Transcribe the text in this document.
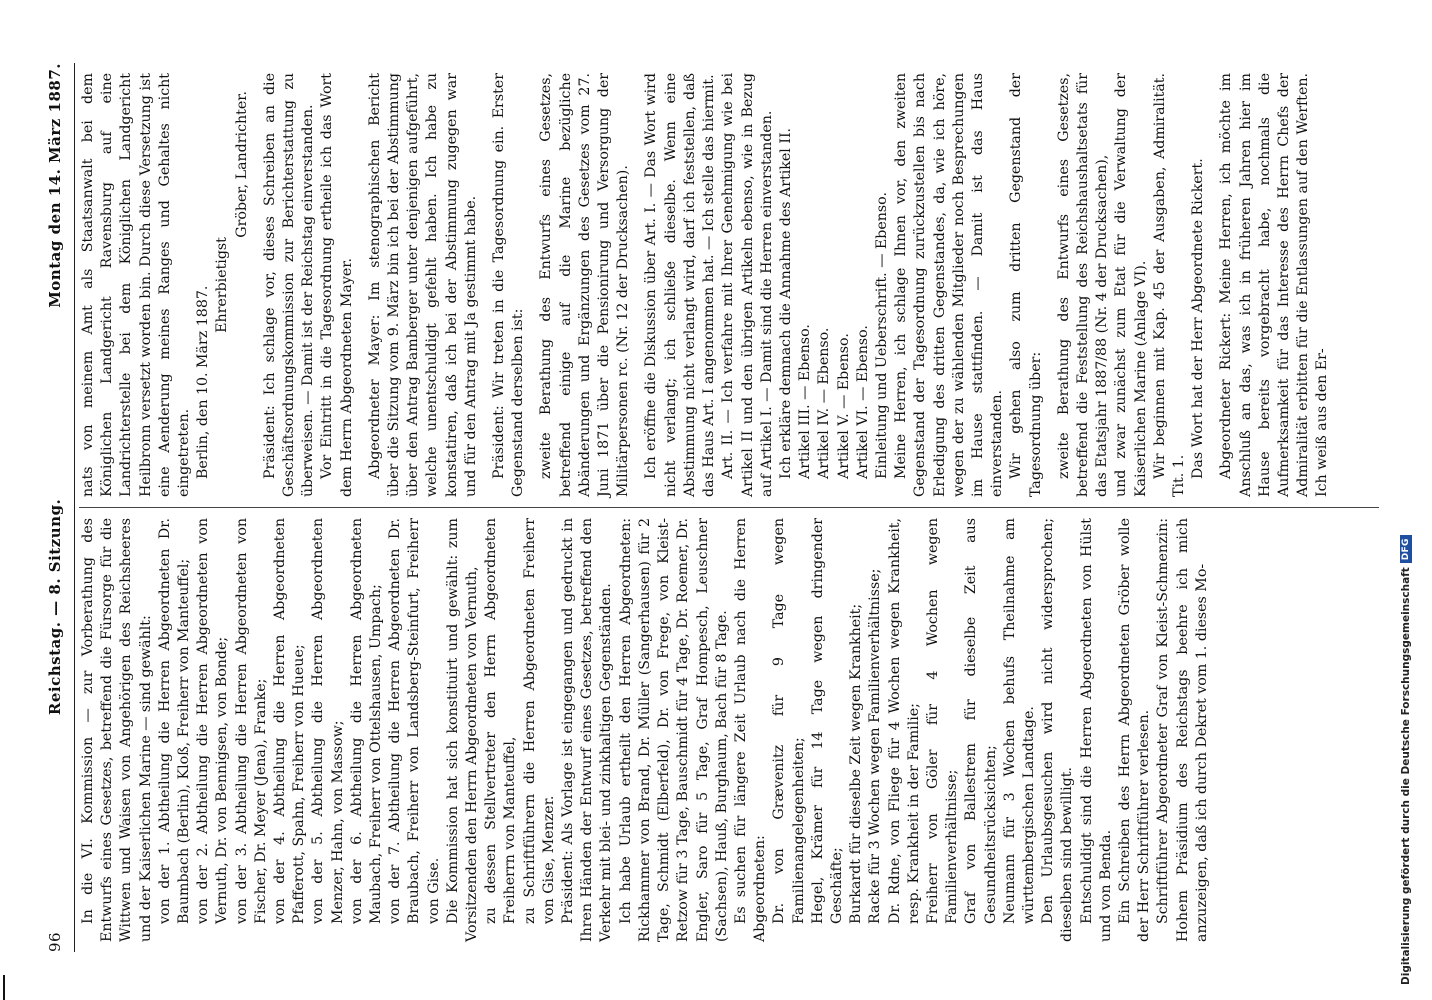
96
Reichstag. — 8. Sitzung.
Montag den 14. März 1887.

In die VI. Kommission — zur Vorberathung des Entwurfs eines Gesetzes, betreffend die Fürsorge für die Wittwen und Waisen von Angehörigen des Reichsheeres und der Kaiserlichen Marine — sind gewählt: von der 1. Abtheilung die Herren Abgeordneten Dr. Baumbach (Berlin), Kloß, Freiherr von Manteuffel; von der 2. Abtheilung die Herren Abgeordneten von Vernuth, Dr. von Bennigsen, von Bonde; von der 3. Abtheilung die Herren Abgeordneten von Fischer, Dr. Meyer (Jena), Franke; von der 4. Abtheilung die Herren Abgeordneten Pfafferott, Spahn, Freiherr von Hueue; von der 5. Abtheilung die Herren Abgeordneten Menzer, Hahn, von Massow; von der 6. Abtheilung die Herren Abgeordneten Maubach, Freiherr von Ottelshausen, Umpach; von der 7. Abtheilung die Herren Abgeordneten Dr. Braubach, Freiherr von Landsberg-Steinfurt, Freiherr von Gise. Die Kommission hat sich konstituirt und gewählt: zum Vorsitzenden den Herrn Abgeordneten von Vernuth, zu dessen Stellvertreter den Herrn Abgeordneten Freiherrn von Manteuffel, zu Schriftführern die Herren Abgeordneten Freiherr von Gise, Menzer. Präsident: Als Vorlage ist eingegangen und gedruckt in Ihren Händen der Entwurf eines Gesetzes, betreffend den Verkehr mit blei- und zinkhaltigen Gegenständen. Ich habe Urlaub ertheilt den Herren Abgeordneten: Rickhammer von Brand, Dr. Müller (Sangerhausen) für 2 Tage, Schmidt (Elberfeld), Dr. von Frege, von Kleist-Retzow für 3 Tage, Bauschmidt für 4 Tage, Dr. Roemer, Dr. Engler, Saro für 5 Tage, Graf Hompesch, Leuschner (Sachsen), Hauß, Burghaum, Bach für 8 Tage. Es suchen für längere Zeit Urlaub nach die Herren Abgeordneten: Dr. von Grævenitz für 9 Tage wegen Familienangelegenheiten; Hegel, Krämer für 14 Tage wegen dringender Geschäfte; Burkardt für dieselbe Zeit wegen Krankheit; Racke für 3 Wochen wegen Familienverhältnisse; Dr. Rdne, von Fliege für 4 Wochen wegen Krankheit, resp. Krankheit in der Familie; Freiherr von Göler für 4 Wochen wegen Familienverhältnisse; Graf von Ballestrem für dieselbe Zeit aus Gesundheitsrücksichten; Neumann für 3 Wochen behufs Theilnahme am württembergischen Landtage. Den Urlaubsgesuchen wird nicht widersprochen; dieselben sind bewilligt. Entschuldigt sind die Herren Abgeordneten von Hülst und von Benda. Ein Schreiben des Herrn Abgeordneten Gröber wolle der Herr Schriftführer verlesen. Schriftführer Abgeordneter Graf von Kleist-Schmenzin: Hohem Präsidium des Reichstags beehre ich mich anzuzeigen, daß ich durch Dekret vom 1. dieses Mo-

nats von meinem Amt als Staatsanwalt bei dem Königlichen Landgericht Ravensburg auf eine Landrichterstelle bei dem Königlichen Landgericht Heilbronn versetzt worden bin. Durch diese Versetzung ist eine Aenderung meines Ranges und Gehaltes nicht eingetreten. Berlin, den 10. März 1887.

Ehrerbietigst

Gröber, Landrichter. Präsident: Ich schlage vor, dieses Schreiben an die Geschäftsordnungskommission zur Berichterstattung zu überweisen. — Damit ist der Reichstag einverstanden. Vor Eintritt in die Tagesordnung ertheile ich das Wort dem Herrn Abgeordneten Mayer. Abgeordneter Mayer: Im stenographischen Bericht über die Sitzung vom 9. März bin ich bei der Abstimmung über den Antrag Bamberger unter denjenigen aufgeführt, welche unentschuldigt gefehlt haben. Ich habe zu konstatiren, daß ich bei der Abstimmung zugegen war und für den Antrag mit Ja gestimmt habe. Präsident: Wir treten in die Tagesordnung ein. Erster Gegenstand derselben ist: zweite Berathung des Entwurfs eines Gesetzes, betreffend einige auf die Marine bezügliche Abänderungen und Ergänzungen des Gesetzes vom 27. Juni 1871 über die Pensionirung und Versorgung der Militärpersonen rc. (Nr. 12 der Drucksachen). Ich eröffne die Diskussion über Art. I. — Das Wort wird nicht verlangt; ich schließe dieselbe. Wenn eine Abstimmung nicht verlangt wird, darf ich feststellen, daß das Haus Art. I angenommen hat. — Ich stelle das hiermit. Art. II. — Ich verfahre mit Ihrer Genehmigung wie bei Artikel II und den übrigen Artikeln ebenso, wie in Bezug auf Artikel I. — Damit sind die Herren einverstanden. Ich erkläre demnach die Annahme des Artikel II. Artikel III. — Ebenso. Artikel IV. — Ebenso. Artikel V. — Ebenso. Artikel VI. — Ebenso. Einleitung und Ueberschrift. — Ebenso. Meine Herren, ich schlage Ihnen vor, den zweiten Gegenstand der Tagesordnung zurückzustellen bis nach Erledigung des dritten Gegenstandes, da, wie ich höre, wegen der zu wählenden Mitglieder noch Besprechungen im Hause stattfinden. — Damit ist das Haus einverstanden. Wir gehen also zum dritten Gegenstand der Tagesordnung über: zweite Berathung des Entwurfs eines Gesetzes, betreffend die Feststellung des Reichshaushaltsetats für das Etatsjahr 1887/88 (Nr. 4 der Drucksachen), und zwar zunächst zum Etat für die Verwaltung der Kaiserlichen Marine (Anlage VI). Wir beginnen mit Kap. 45 der Ausgaben, Admiralität. Tit. 1. Das Wort hat der Herr Abgeordnete Rickert. Abgeordneter Rickert: Meine Herren, ich möchte im Anschluß an das, was ich in früheren Jahren hier im Hause bereits vorgebracht habe, nochmals die Aufmerksamkeit für das Interesse des Herrn Chefs der Admiralität erbitten für die Entlassungen auf den Werften. Ich weiß aus den Er-

Digitalisierung gefördert durch die Deutsche Forschungsgemeinschaft
DFG
